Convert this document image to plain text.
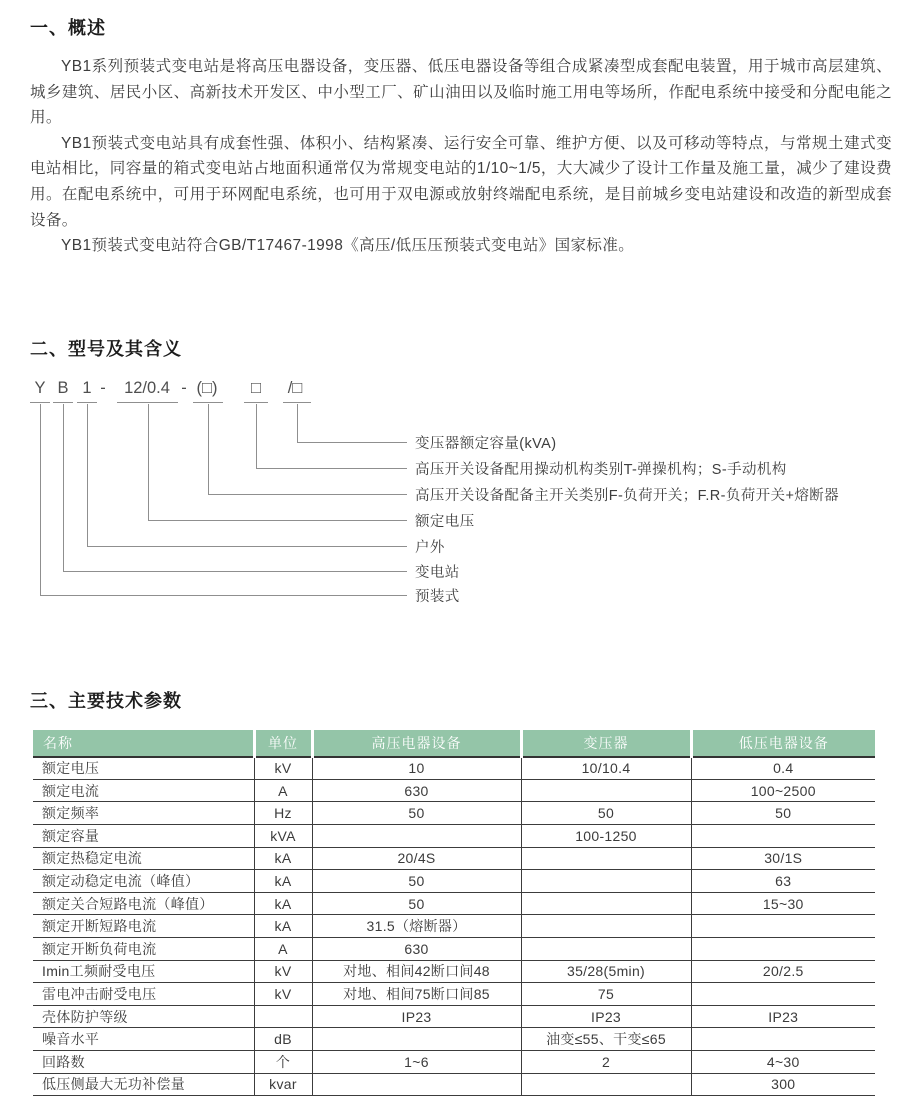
一、概述

YB1系列预装式变电站是将高压电器设备，变压器、低压电器设备等组合成紧凑型成套配电装置，用于城市高层建筑、城乡建筑、居民小区、高新技术开发区、中小型工厂、矿山油田以及临时施工用电等场所，作配电系统中接受和分配电能之用。

YB1预装式变电站具有成套性强、体积小、结构紧凑、运行安全可靠、维护方便、以及可移动等特点，与常规土建式变电站相比，同容量的箱式变电站占地面积通常仅为常规变电站的1/10~1/5，大大减少了设计工作量及施工量，减少了建设费用。在配电系统中，可用于环网配电系统，也可用于双电源或放射终端配电系统，是目前城乡变电站建设和改造的新型成套设备。

YB1预装式变电站符合GB/T17467-1998《高压/低压压预装式变电站》国家标准。

二、型号及其含义
Y B 1 -	12/0.4 - (□)	□	/□
变压器额定容量(kVA)
高压开关设备配用操动机构类别T-弹操机构；S-手动机构
高压开关设备配备主开关类别F-负荷开关；F.R-负荷开关+熔断器
额定电压
户外
变电站
预装式
三、主要技术参数
名称	单位	高压电器设备	变压器	低压电器设备
额定电压	kV	10	10/10.4	0.4
额定电流	A	630		100~2500
额定频率	Hz	50	50	50
额定容量	kVA		100-1250	
额定热稳定电流	kA	20/4S		30/1S
额定动稳定电流（峰值）	kA	50		63
额定关合短路电流（峰值）	kA	50		15~30
额定开断短路电流	kA	31.5（熔断器）		
额定开断负荷电流	A	630		
Imin工频耐受电压	kV	对地、相间42断口间48	35/28(5min)	20/2.5
雷电冲击耐受电压	kV	对地、相间75断口间85	75	
壳体防护等级		IP23	IP23	IP23
噪音水平	dB		油变≤55、干变≤65	
回路数	个	1~6	2	4~30
低压侧最大无功补偿量	kvar			300
